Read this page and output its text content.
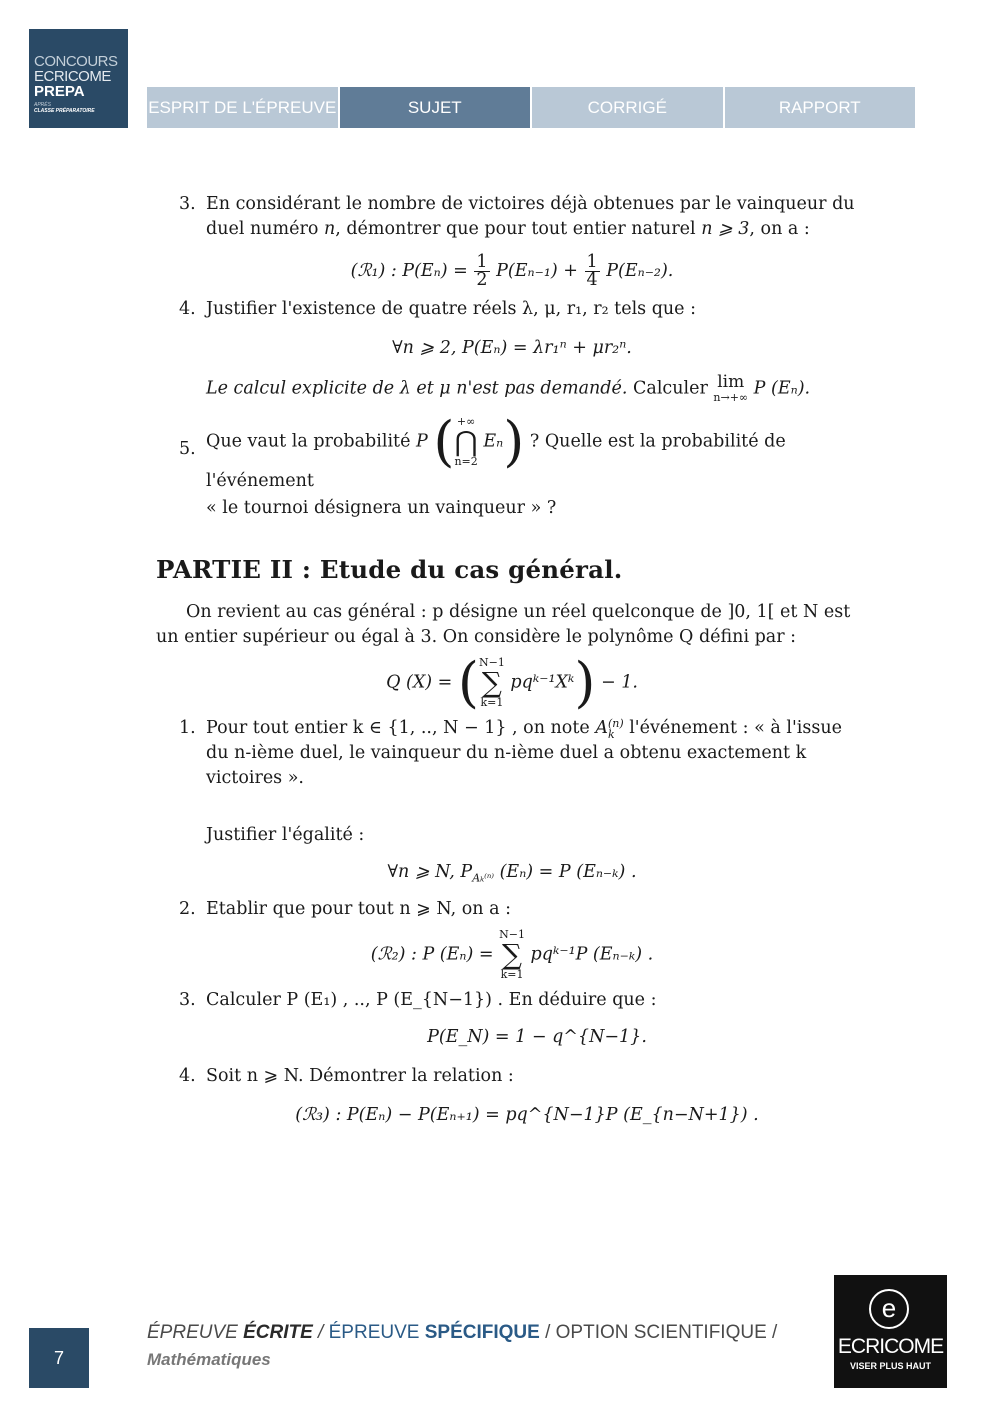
CONCOURS
ECRICOME
PREPA
APRÈS
CLASSE PRÉPARATOIRE	ESPRIT DE L'ÉPREUVE	SUJET	CORRIGÉ	RAPPORT
3. En considérant le nombre de victoires déjà obtenues par le vainqueur du duel numéro n, démontrer que pour tout entier naturel n ⩾ 3, on a :
(ℛ₁) : $P(E_n) = \frac{1}{2} P(E_{n-1}) + \frac{1}{4} P(E_{n-2})$.
4. Justifier l'existence de quatre réels λ, μ, r₁, r₂ tels que :
∀n ⩾ 2, P(Eₙ) = λr₁ⁿ + μr₂ⁿ.
Le calcul explicite de λ et μ n'est pas demandé. Calculer lim
n→+∞ P (Eₙ).
5. Que vaut la probabilité P ( +∞
⋂
n=2
Eₙ) ? Quelle est la probabilité de l'événement
« le tournoi désignera un vainqueur » ?
PARTIE II : Etude du cas général.
On revient au cas général : p désigne un réel quelconque de ]0, 1[ et N est un entier supérieur ou égal à 3. On considère le polynôme Q défini par :
Q (X) = ( N−1
∑
k=1
pqᵏ⁻¹Xᵏ) − 1.
1. Pour tout entier k ∈ {1, .., N − 1} , on note A (n)
k l'événement : « à l'issue du n-ième duel, le vainqueur du n-ième duel a obtenu exactement k victoires ».
Justifier l'égalité :
∀n ⩾ N, $P_{A_k^{(n)}}$ (Eₙ) = P (Eₙ₋ₖ) .
2. Etablir que pour tout n ⩾ N, on a :
(ℛ₂) : P (Eₙ) =
N−1
∑
k=1
pqᵏ⁻¹P (Eₙ₋ₖ) .
3. Calculer P (E₁) , .., P (E_{N−1}) . En déduire que :
P(E_N) = 1 − q^{N−1}.
4. Soit n ⩾ N. Démontrer la relation :
(ℛ₃) : P(Eₙ) − P(Eₙ₊₁) = pq^{N−1}P (E_{n−N+1}) .
7
ÉPREUVE ÉCRITE / ÉPREUVE SPÉCIFIQUE / OPTION SCIENTIFIQUE /
Mathématiques
e
ECRICOME
VISER PLUS HAUT
